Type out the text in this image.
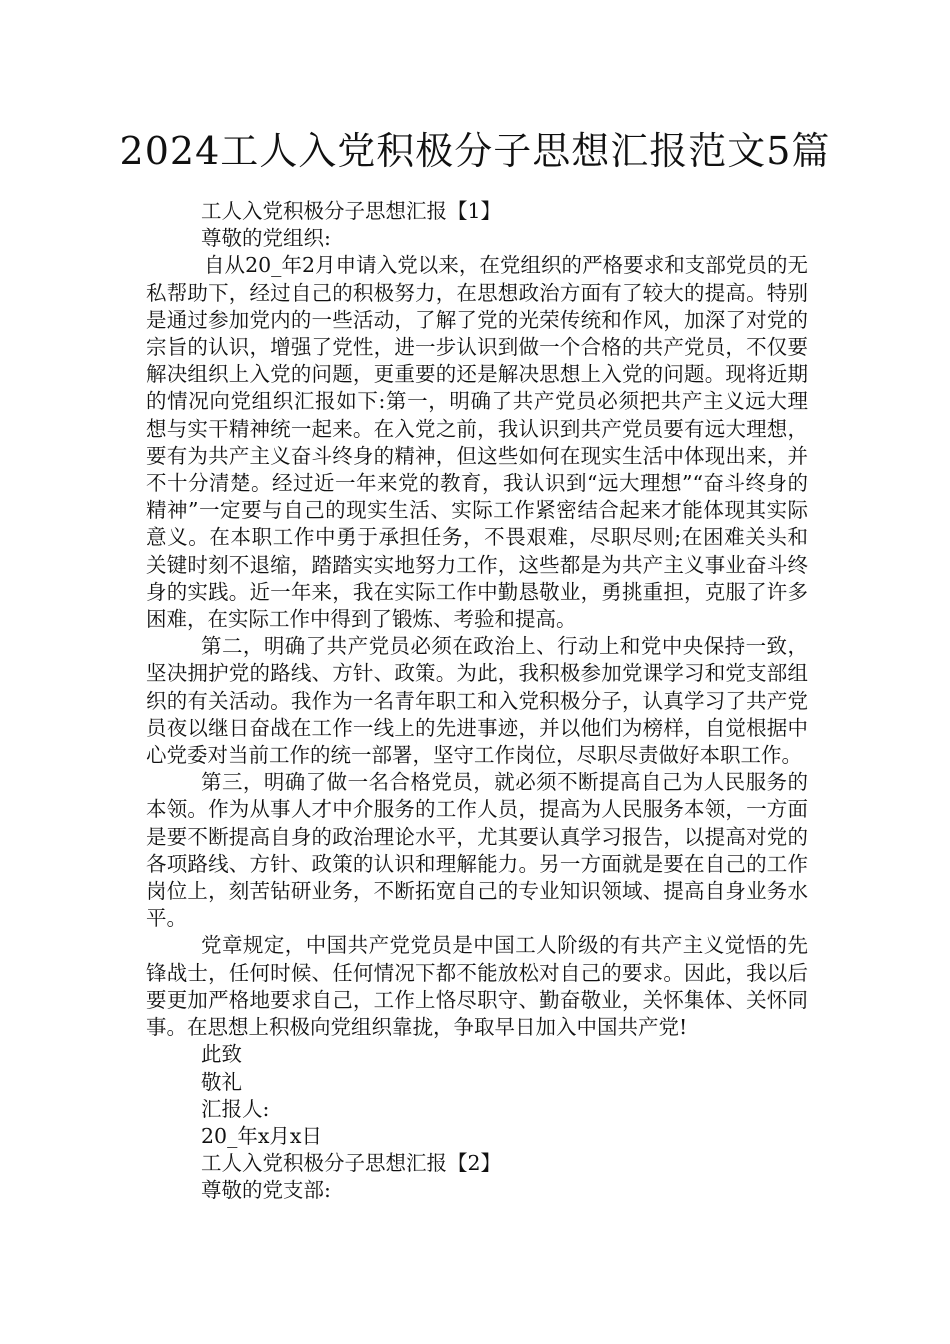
2024工人入党积极分子思想汇报范文5篇

工人入党积极分子思想汇报【1】

尊敬的党组织:

自从20_年2月申请入党以来，在党组织的严格要求和支部党员的无私帮助下，经过自己的积极努力，在思想政治方面有了较大的提高。特别是通过参加党内的一些活动，了解了党的光荣传统和作风，加深了对党的宗旨的认识，增强了党性，进一步认识到做一个合格的共产党员，不仅要解决组织上入党的问题，更重要的还是解决思想上入党的问题。现将近期的情况向党组织汇报如下:第一，明确了共产党员必须把共产主义远大理想与实干精神统一起来。在入党之前，我认识到共产党员要有远大理想，要有为共产主义奋斗终身的精神，但这些如何在现实生活中体现出来，并不十分清楚。经过近一年来党的教育，我认识到“远大理想”“奋斗终身的精神”一定要与自己的现实生活、实际工作紧密结合起来才能体现其实际意义。在本职工作中勇于承担任务，不畏艰难，尽职尽则;在困难关头和关键时刻不退缩，踏踏实实地努力工作，这些都是为共产主义事业奋斗终身的实践。近一年来，我在实际工作中勤恳敬业，勇挑重担，克服了许多困难，在实际工作中得到了锻炼、考验和提高。

第二，明确了共产党员必须在政治上、行动上和党中央保持一致，坚决拥护党的路线、方针、政策。为此，我积极参加党课学习和党支部组织的有关活动。我作为一名青年职工和入党积极分子，认真学习了共产党员夜以继日奋战在工作一线上的先进事迹，并以他们为榜样，自觉根据中心党委对当前工作的统一部署，坚守工作岗位，尽职尽责做好本职工作。

第三，明确了做一名合格党员，就必须不断提高自己为人民服务的本领。作为从事人才中介服务的工作人员，提高为人民服务本领，一方面是要不断提高自身的政治理论水平，尤其要认真学习报告，以提高对党的各项路线、方针、政策的认识和理解能力。另一方面就是要在自己的工作岗位上，刻苦钻研业务，不断拓宽自己的专业知识领域、提高自身业务水平。

党章规定，中国共产党党员是中国工人阶级的有共产主义觉悟的先锋战士，任何时候、任何情况下都不能放松对自己的要求。因此，我以后要更加严格地要求自己，工作上恪尽职守、勤奋敬业，关怀集体、关怀同事。在思想上积极向党组织靠拢，争取早日加入中国共产党!

此致

敬礼

汇报人:

20_年x月x日

工人入党积极分子思想汇报【2】

尊敬的党支部:
